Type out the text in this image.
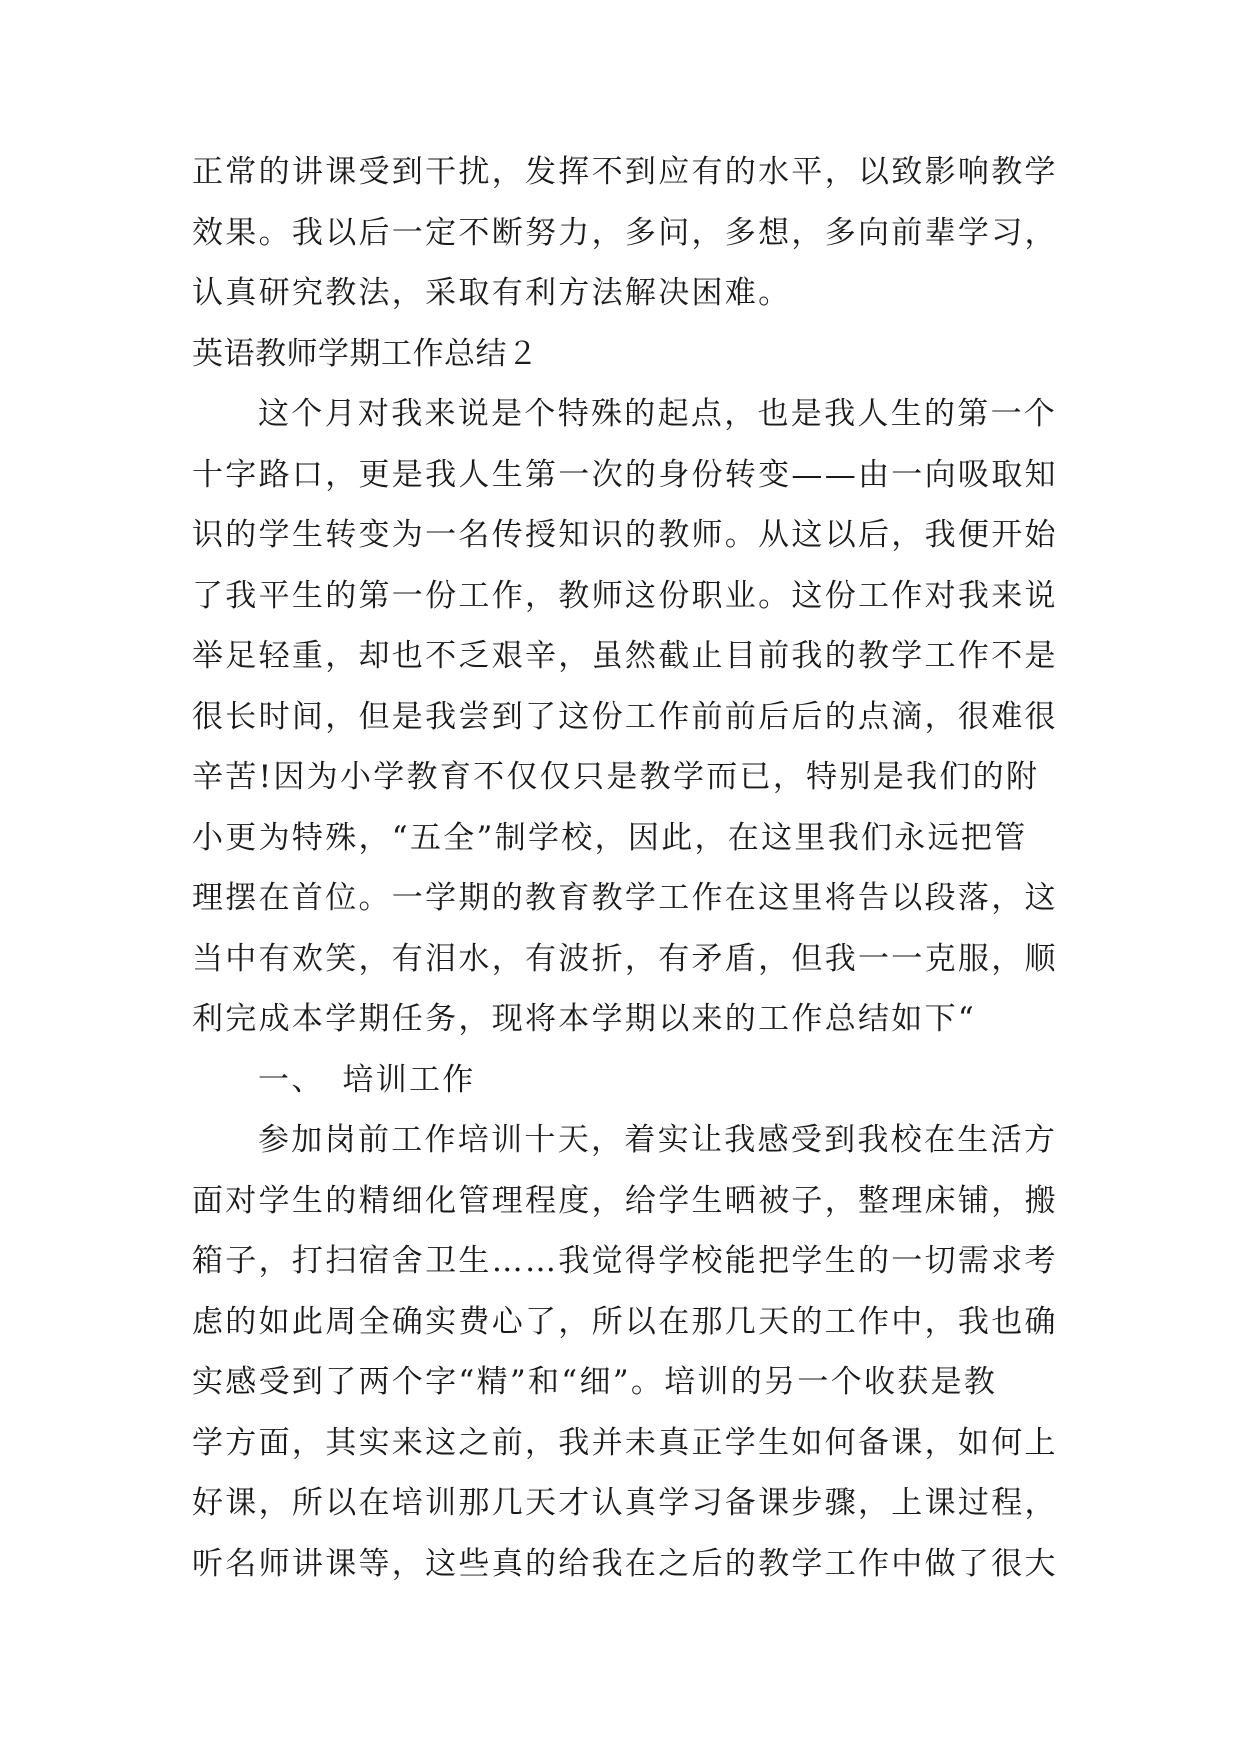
正常的讲课受到干扰，发挥不到应有的水平，以致影响教学
效果。我以后一定不断努力，多问，多想，多向前辈学习，
认真研究教法，采取有利方法解决困难。
英语教师学期工作总结２
这个月对我来说是个特殊的起点，也是我人生的第一个
十字路口，更是我人生第一次的身份转变——由一向吸取知
识的学生转变为一名传授知识的教师。从这以后，我便开始
了我平生的第一份工作，教师这份职业。这份工作对我来说
举足轻重，却也不乏艰辛，虽然截止目前我的教学工作不是
很长时间，但是我尝到了这份工作前前后后的点滴，很难很
辛苦!因为小学教育不仅仅只是教学而已，特别是我们的附
小更为特殊，“五全”制学校，因此，在这里我们永远把管
理摆在首位。一学期的教育教学工作在这里将告以段落，这
当中有欢笑，有泪水，有波折，有矛盾，但我一一克服，顺
利完成本学期任务，现将本学期以来的工作总结如下“
一、　培训工作
参加岗前工作培训十天，着实让我感受到我校在生活方
面对学生的精细化管理程度，给学生晒被子，整理床铺，搬
箱子，打扫宿舍卫生……我觉得学校能把学生的一切需求考
虑的如此周全确实费心了，所以在那几天的工作中，我也确
实感受到了两个字“精”和“细”。培训的另一个收获是教
学方面，其实来这之前，我并未真正学生如何备课，如何上
好课，所以在培训那几天才认真学习备课步骤，上课过程，
听名师讲课等，这些真的给我在之后的教学工作中做了很大
